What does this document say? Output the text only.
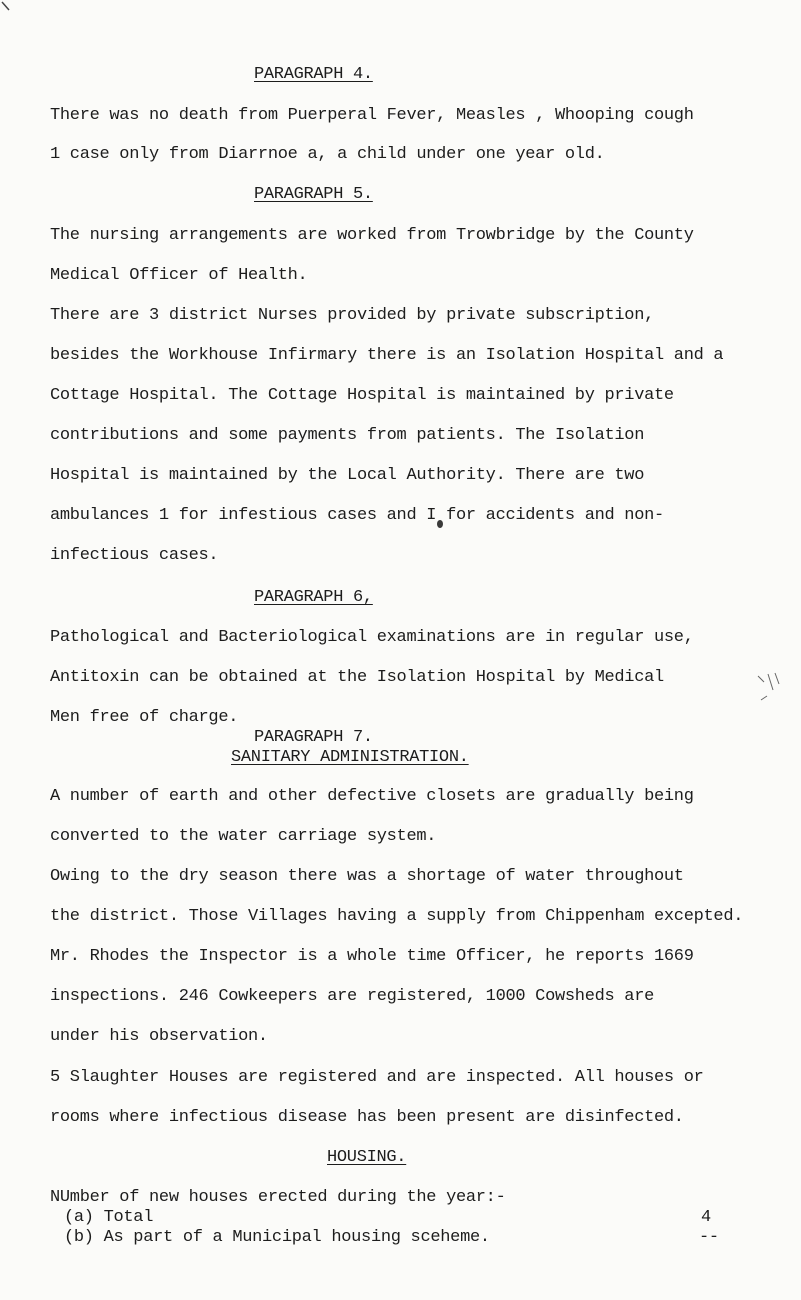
PARAGRAPH 4.
There was no death from Puerperal Fever, Measles , Whooping cough
1 case only from Diarrnoe a, a child under one year old.
PARAGRAPH 5.
The nursing arrangements are worked from Trowbridge by the County
Medical Officer of Health.
There are 3 district Nurses provided by private subscription,
besides the Workhouse Infirmary there is an Isolation Hospital and a
Cottage Hospital. The Cottage Hospital is maintained by private
contributions and some payments from patients. The Isolation
Hospital is maintained by the Local Authority. There are two
ambulances 1 for infestious cases and I for accidents and non-
infectious cases.
PARAGRAPH 6,
Pathological and Bacteriological examinations are in regular use,
Antitoxin can be obtained at the Isolation Hospital by Medical
Men free of charge.
PARAGRAPH 7.
SANITARY ADMINISTRATION.
A number of earth and other defective closets are gradually being
converted to the water carriage system.
Owing to the dry season there was a shortage of water throughout
the district. Those Villages having a supply from Chippenham excepted.
Mr. Rhodes the Inspector is a whole time Officer, he reports 1669
inspections. 246 Cowkeepers are registered, 1000 Cowsheds are
under his observation.
5 Slaughter Houses are registered and are inspected. All houses or
rooms where infectious disease has been present are disinfected.
HOUSING.
NUmber of new houses erected during the year:-
(a) Total	4
(b) As part of a Municipal housing sceheme.	--
